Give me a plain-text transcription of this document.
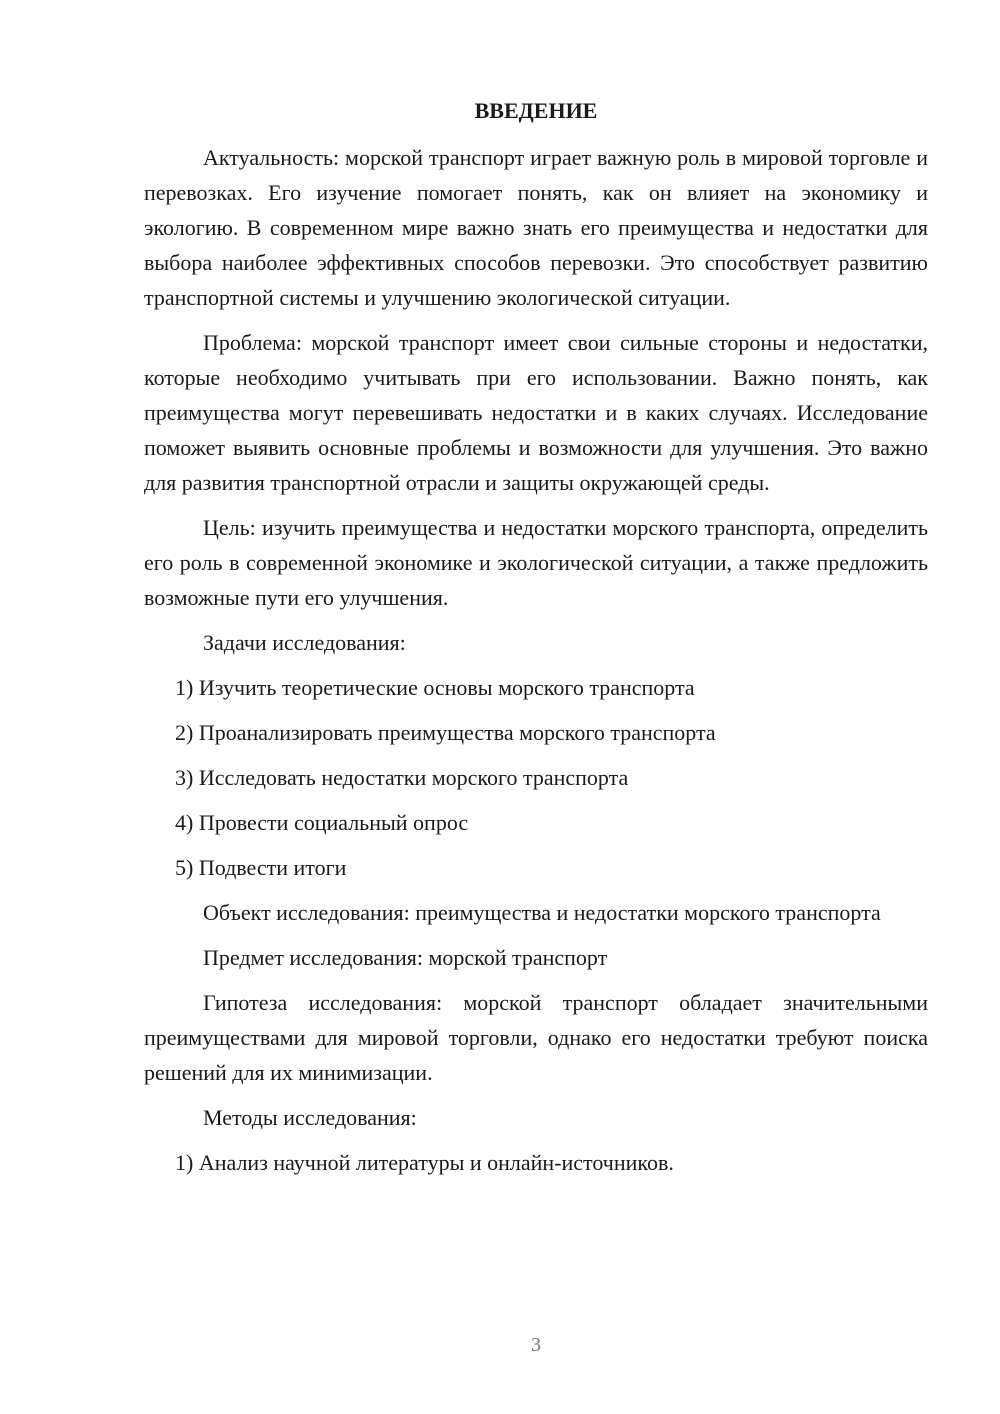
ВВЕДЕНИЕ

Актуальность: морской транспорт играет важную роль в мировой торговле и перевозках. Его изучение помогает понять, как он влияет на экономику и экологию. В современном мире важно знать его преимущества и недостатки для выбора наиболее эффективных способов перевозки. Это способствует развитию транспортной системы и улучшению экологической ситуации.

Проблема: морской транспорт имеет свои сильные стороны и недостатки, которые необходимо учитывать при его использовании. Важно понять, как преимущества могут перевешивать недостатки и в каких случаях. Исследование поможет выявить основные проблемы и возможности для улучшения. Это важно для развития транспортной отрасли и защиты окружающей среды.

Цель: изучить преимущества и недостатки морского транспорта, определить его роль в современной экономике и экологической ситуации, а также предложить возможные пути его улучшения.

Задачи исследования:

1) Изучить теоретические основы морского транспорта

2) Проанализировать преимущества морского транспорта

3) Исследовать недостатки морского транспорта

4) Провести социальный опрос

5) Подвести итоги

Объект исследования: преимущества и недостатки морского транспорта

Предмет исследования: морской транспорт

Гипотеза исследования: морской транспорт обладает значительными преимуществами для мировой торговли, однако его недостатки требуют поиска решений для их минимизации.

Методы исследования:

1) Анализ научной литературы и онлайн-источников.

3
